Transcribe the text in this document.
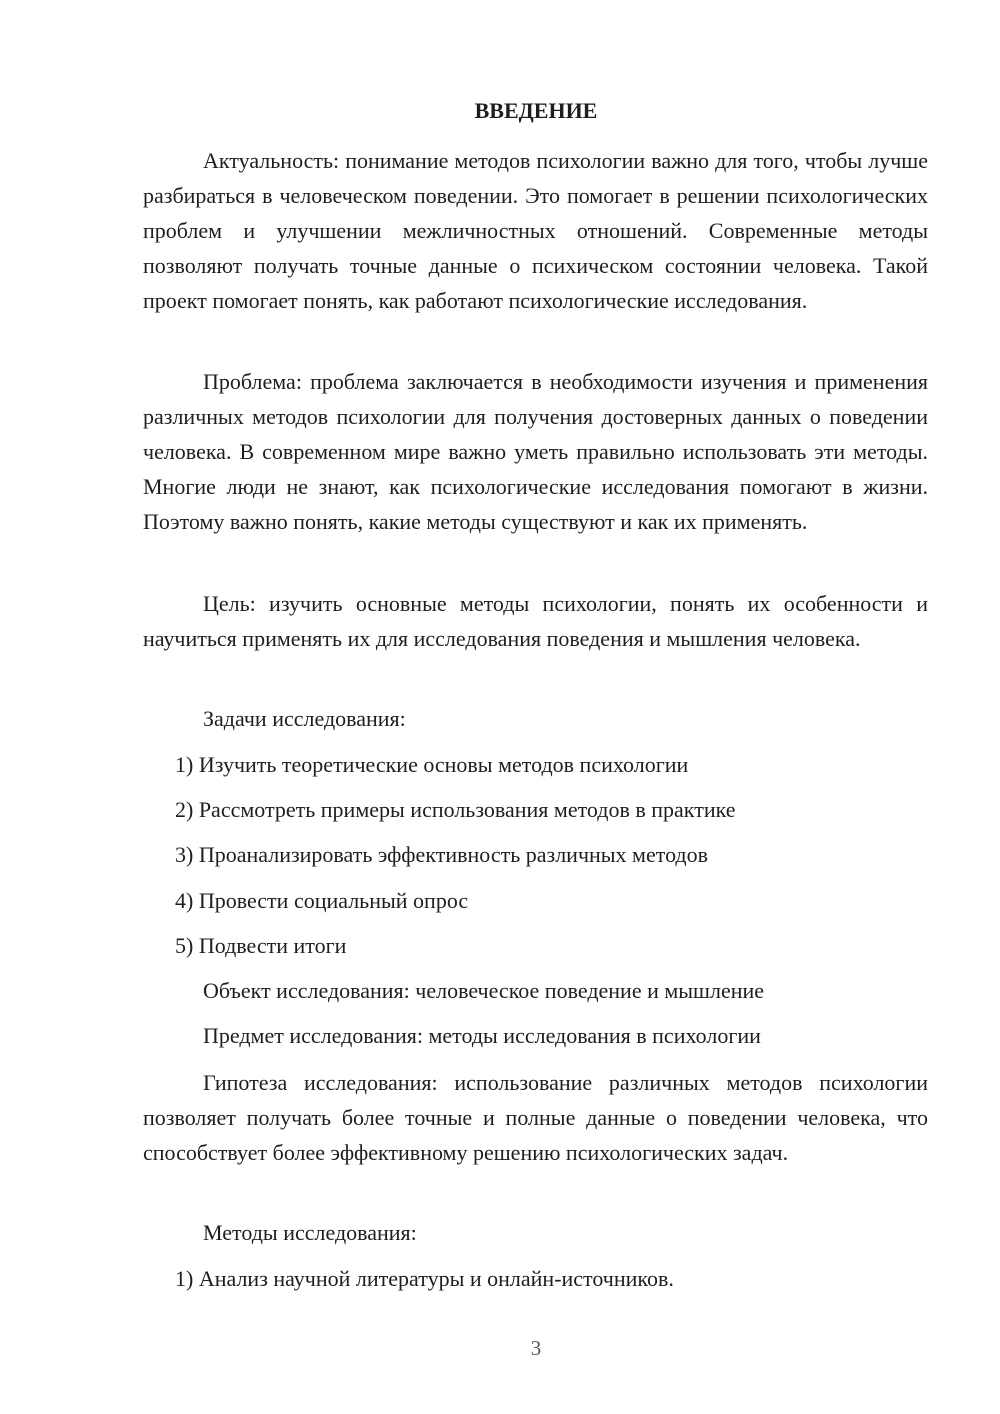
ВВЕДЕНИЕ
Актуальность: понимание методов психологии важно для того, чтобы лучше разбираться в человеческом поведении. Это помогает в решении психологических проблем и улучшении межличностных отношений. Современные методы позволяют получать точные данные о психическом состоянии человека. Такой проект помогает понять, как работают психологические исследования.
Проблема: проблема заключается в необходимости изучения и применения различных методов психологии для получения достоверных данных о поведении человека. В современном мире важно уметь правильно использовать эти методы. Многие люди не знают, как психологические исследования помогают в жизни. Поэтому важно понять, какие методы существуют и как их применять.
Цель: изучить основные методы психологии, понять их особенности и научиться применять их для исследования поведения и мышления человека.
Задачи исследования:
1) Изучить теоретические основы методов психологии
2) Рассмотреть примеры использования методов в практике
3) Проанализировать эффективность различных методов
4) Провести социальный опрос
5) Подвести итоги
Объект исследования: человеческое поведение и мышление
Предмет исследования: методы исследования в психологии
Гипотеза исследования: использование различных методов психологии позволяет получать более точные и полные данные о поведении человека, что способствует более эффективному решению психологических задач.
Методы исследования:
1) Анализ научной литературы и онлайн-источников.
3
